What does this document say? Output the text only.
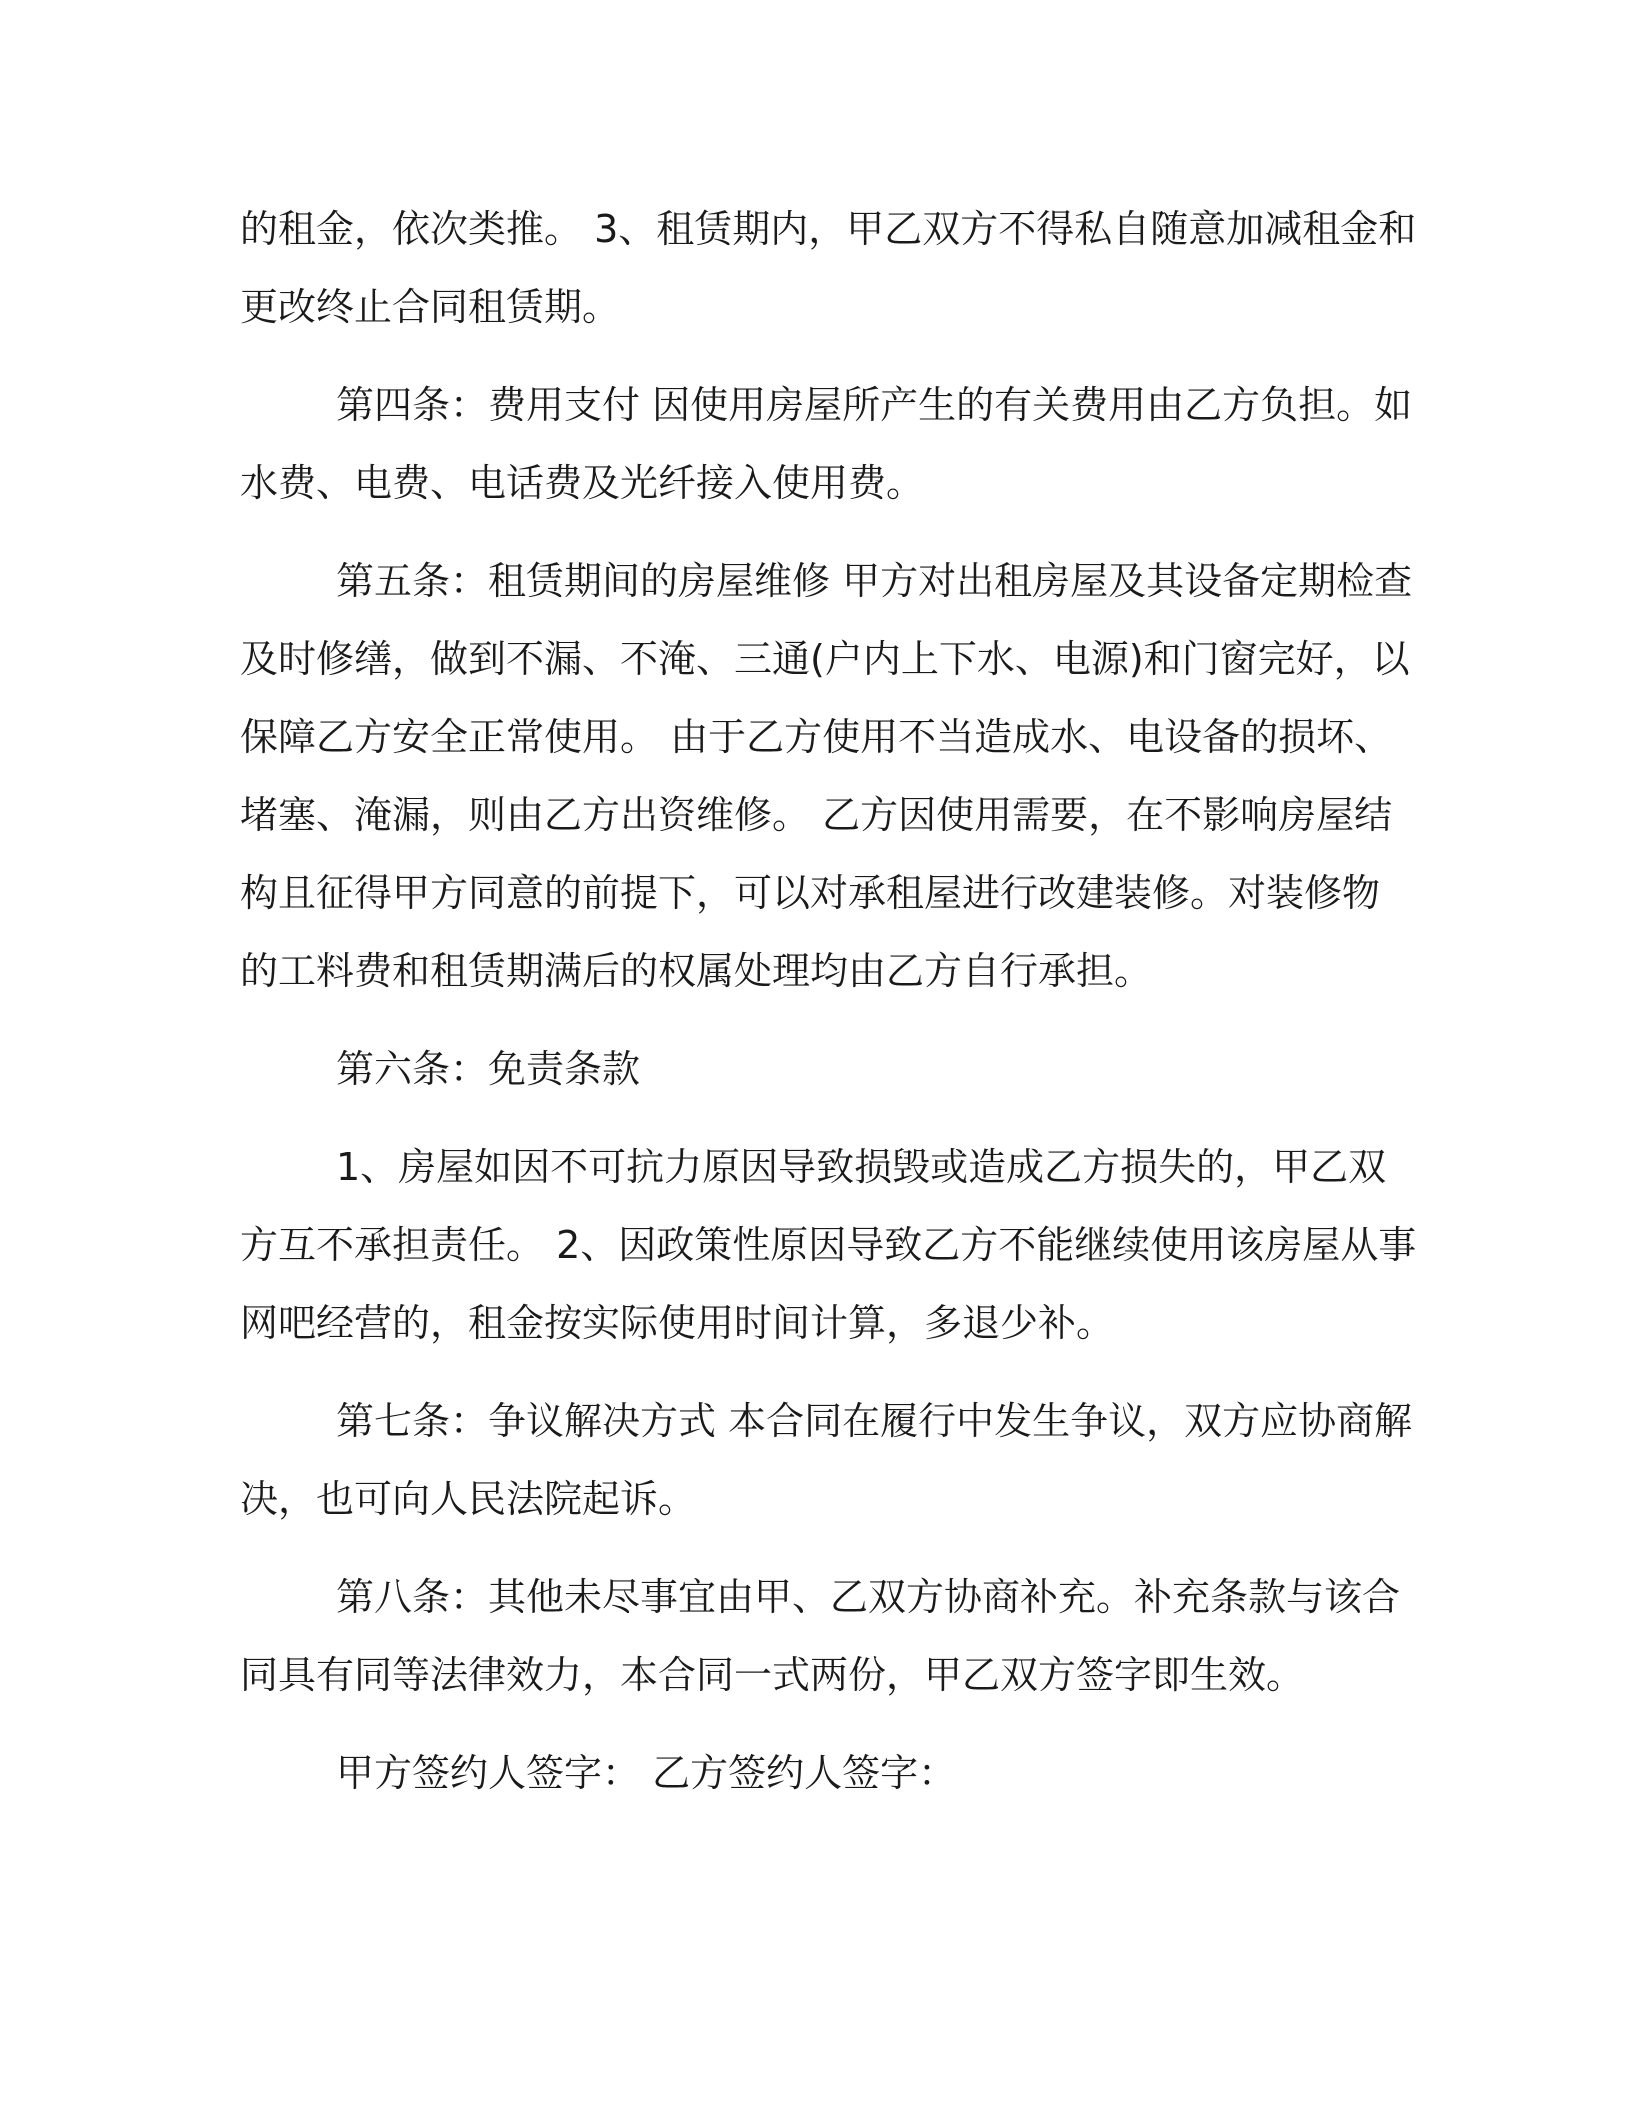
的租金，依次类推。 3、租赁期内，甲乙双方不得私自随意加减租金和
更改终止合同租赁期。

第四条：费用支付 因使用房屋所产生的有关费用由乙方负担。如
水费、电费、电话费及光纤接入使用费。

第五条：租赁期间的房屋维修 甲方对出租房屋及其设备定期检查
及时修缮，做到不漏、不淹、三通(户内上下水、电源)和门窗完好，以
保障乙方安全正常使用。 由于乙方使用不当造成水、电设备的损坏、
堵塞、淹漏，则由乙方出资维修。 乙方因使用需要，在不影响房屋结
构且征得甲方同意的前提下，可以对承租屋进行改建装修。对装修物
的工料费和租赁期满后的权属处理均由乙方自行承担。

第六条：免责条款

1、房屋如因不可抗力原因导致损毁或造成乙方损失的，甲乙双
方互不承担责任。 2、因政策性原因导致乙方不能继续使用该房屋从事
网吧经营的，租金按实际使用时间计算，多退少补。

第七条：争议解决方式 本合同在履行中发生争议，双方应协商解
决，也可向人民法院起诉。

第八条：其他未尽事宜由甲、乙双方协商补充。补充条款与该合
同具有同等法律效力，本合同一式两份，甲乙双方签字即生效。

甲方签约人签字： 乙方签约人签字：
